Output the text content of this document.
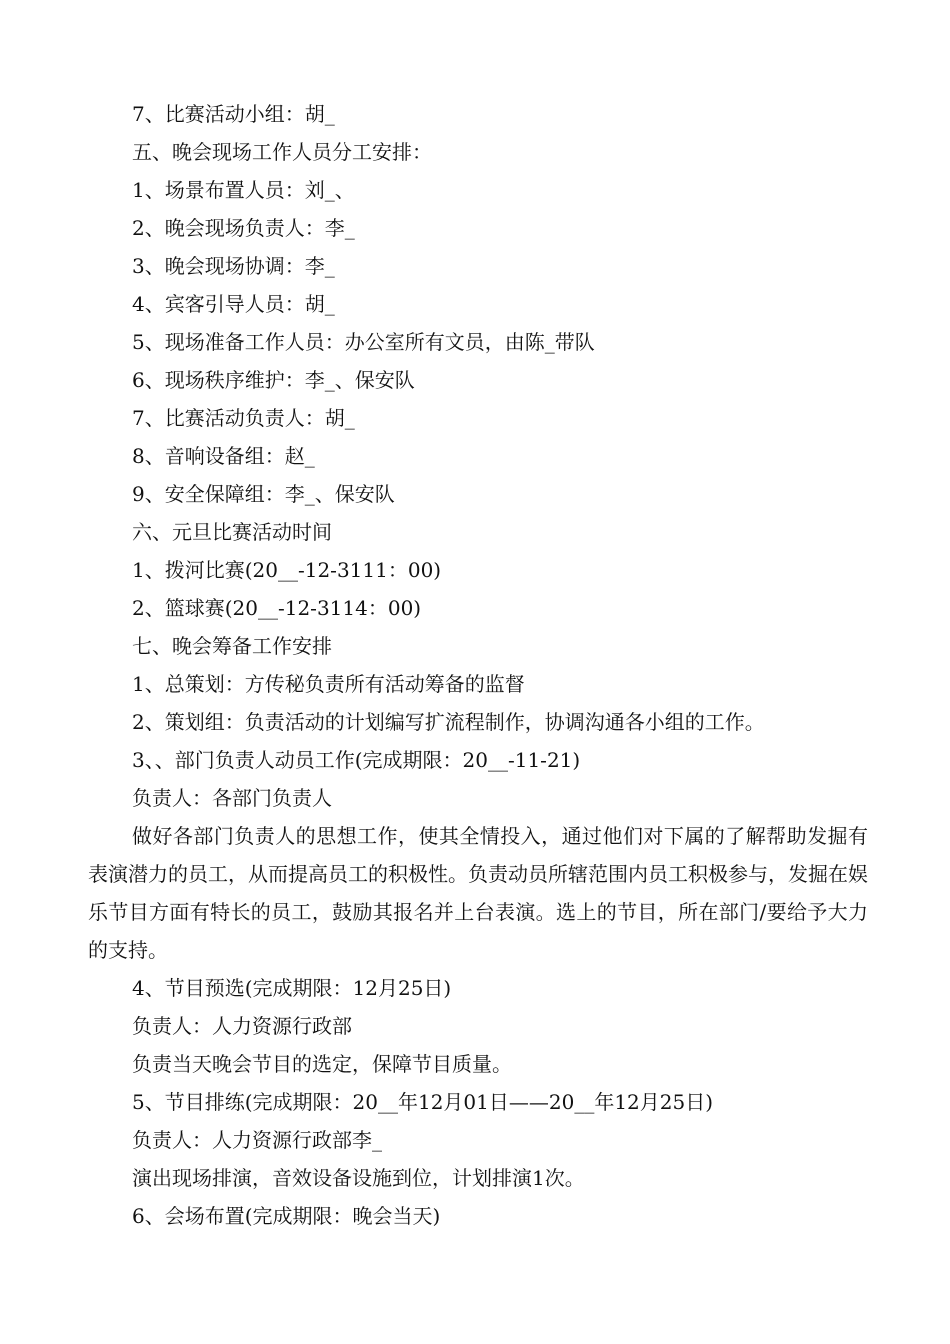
7、比赛活动小组：胡_
五、晚会现场工作人员分工安排：
1、场景布置人员：刘_、
2、晚会现场负责人：李_
3、晚会现场协调：李_
4、宾客引导人员：胡_
5、现场准备工作人员：办公室所有文员，由陈_带队
6、现场秩序维护：李_、保安队
7、比赛活动负责人：胡_
8、音响设备组：赵_
9、安全保障组：李_、保安队
六、元旦比赛活动时间
1、拨河比赛(20__-12-3111：00)
2、篮球赛(20__-12-3114：00)
七、晚会筹备工作安排
1、总策划：方传秘负责所有活动筹备的监督
2、策划组：负责活动的计划编写扩流程制作，协调沟通各小组的工作。
3、、部门负责人动员工作(完成期限：20__-11-21)
负责人：各部门负责人

做好各部门负责人的思想工作，使其全情投入，通过他们对下属的了解帮助发掘有表演潜力的员工，从而提高员工的积极性。负责动员所辖范围内员工积极参与，发掘在娱乐节目方面有特长的员工，鼓励其报名并上台表演。选上的节目，所在部门/要给予大力的支持。

4、节目预选(完成期限：12月25日)
负责人：人力资源行政部
负责当天晚会节目的选定，保障节目质量。
5、节目排练(完成期限：20__年12月01日——20__年12月25日)
负责人：人力资源行政部李_
演出现场排演，音效设备设施到位，计划排演1次。
6、会场布置(完成期限：晚会当天)
